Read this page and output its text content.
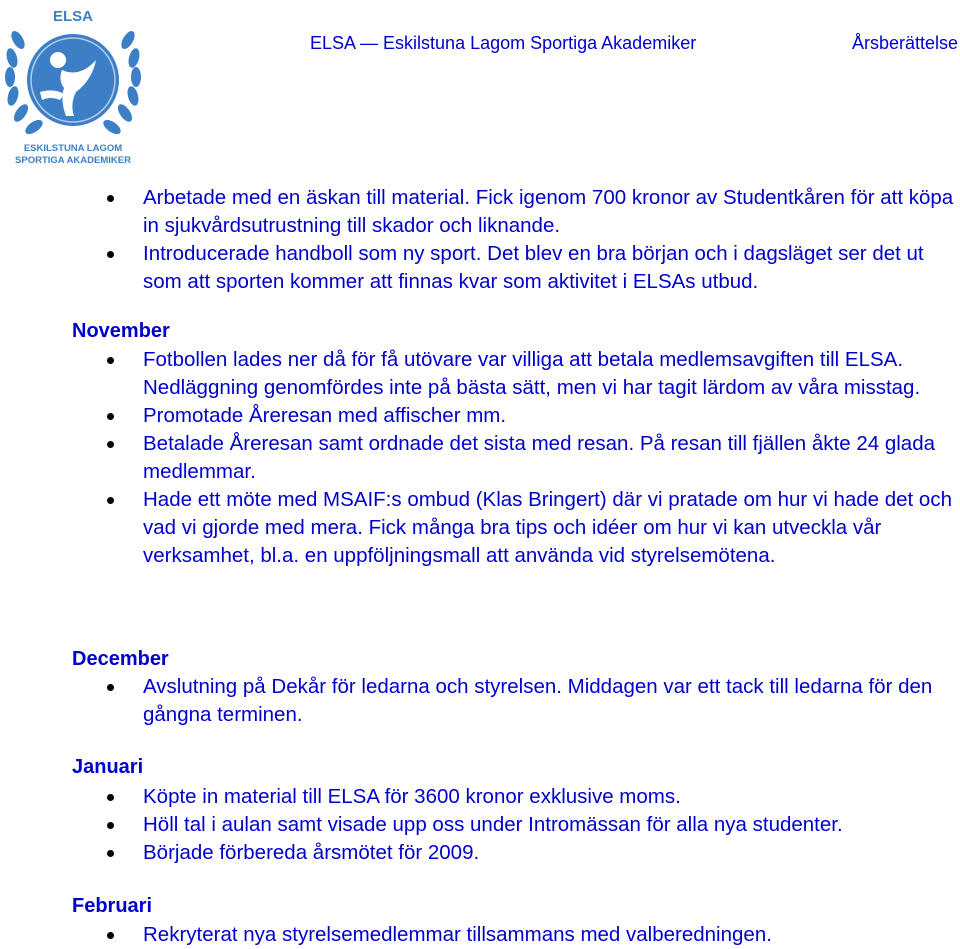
ELSA
ESKILSTUNA LAGOM
SPORTIGA AKADEMIKER
ELSA — Eskilstuna Lagom Sportiga Akademiker	Årsberättelse
Arbetade med en äskan till material. Fick igenom 700 kronor av Studentkåren för att köpa in sjukvårdsutrustning till skador och liknande.
Introducerade handboll som ny sport. Det blev en bra början och i dagsläget ser det ut som att sporten kommer att finnas kvar som aktivitet i ELSAs utbud.
November
Fotbollen lades ner då för få utövare var villiga att betala medlemsavgiften till ELSA. Nedläggning genomfördes inte på bästa sätt, men vi har tagit lärdom av våra misstag.
Promotade Åreresan med affischer mm.
Betalade Åreresan samt ordnade det sista med resan. På resan till fjällen åkte 24 glada medlemmar.
Hade ett möte med MSAIF:s ombud (Klas Bringert) där vi pratade om hur vi hade det och vad vi gjorde med mera. Fick många bra tips och idéer om hur vi kan utveckla vår verksamhet, bl.a. en uppföljningsmall att använda vid styrelsemötena.
December
Avslutning på Dekår för ledarna och styrelsen. Middagen var ett tack till ledarna för den gångna terminen.
Januari
Köpte in material till ELSA för 3600 kronor exklusive moms.
Höll tal i aulan samt visade upp oss under Intromässan för alla nya studenter.
Började förbereda årsmötet för 2009.
Februari
Rekryterat nya styrelsemedlemmar tillsammans med valberedningen.
